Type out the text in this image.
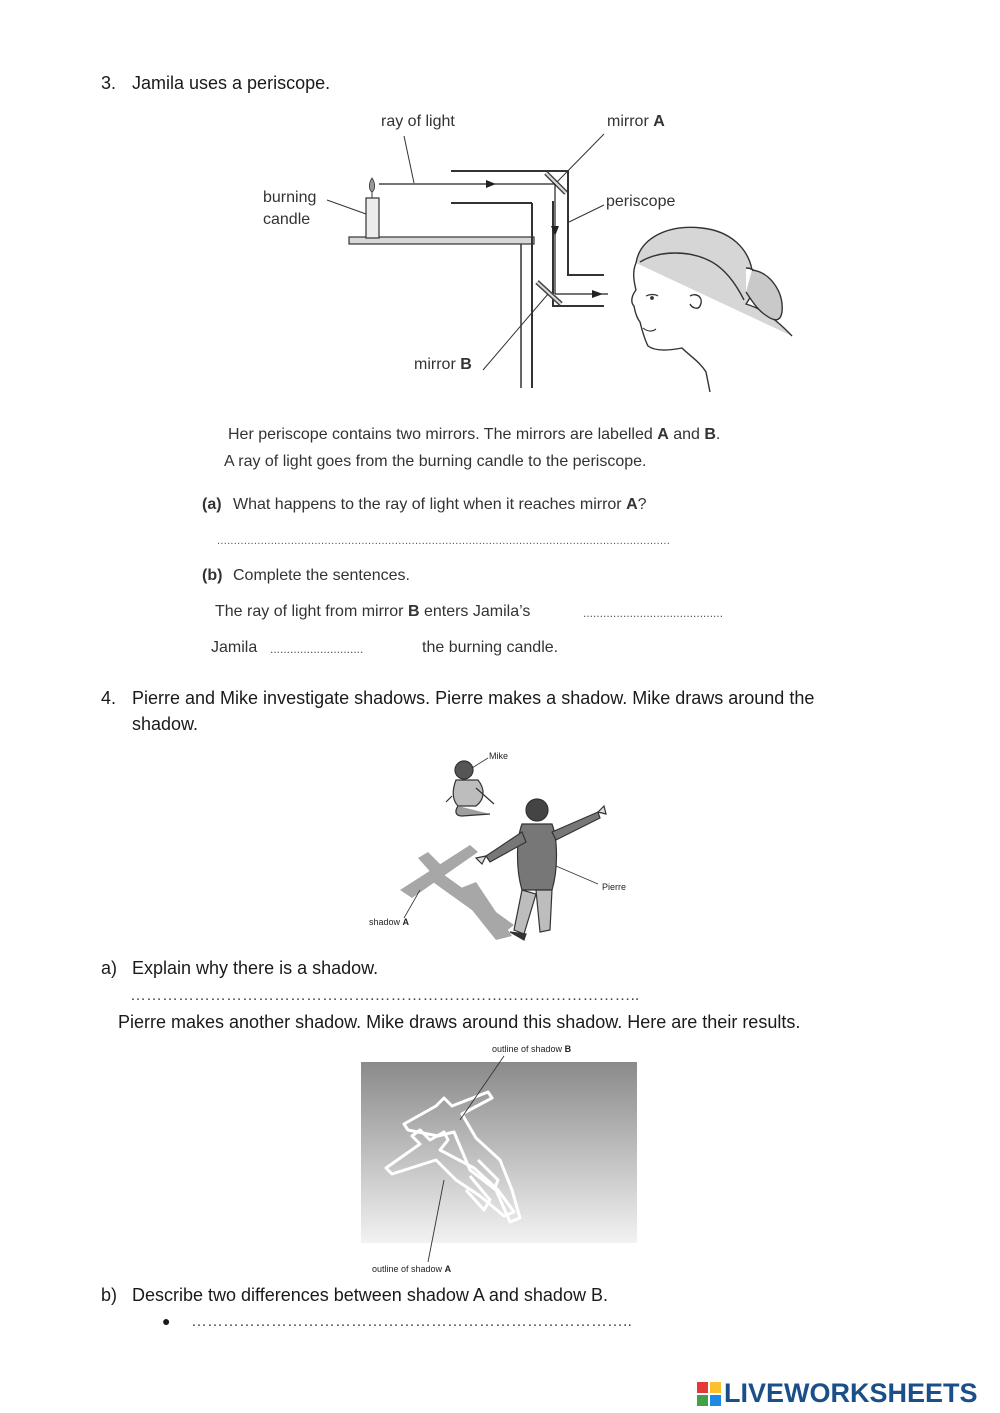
3. Jamila uses a periscope.
ray of light	mirror A
periscope
burning
candle
mirror B
Her periscope contains two mirrors. The mirrors are labelled A and B.
A ray of light goes from the burning candle to the periscope.
(a) What happens to the ray of light when it reaches mirror A?
.......................................................................................................................................
(b) Complete the sentences.
The ray of light from mirror B enters Jamila’s	..........................................
Jamila ............................	the burning candle.
4. Pierre and Mike investigate shadows. Pierre makes a shadow. Mike draws around the
shadow.
Mike
Pierre
shadow A
a) Explain why there is a shadow.
……………………………………….…………………………………………..
Pierre makes another shadow. Mike draws around this shadow. Here are their results.
outline of shadow B
outline of shadow A
b) Describe two differences between shadow A and shadow B.
● ………………………………………………………………………..
LIVEWORKSHEETS
